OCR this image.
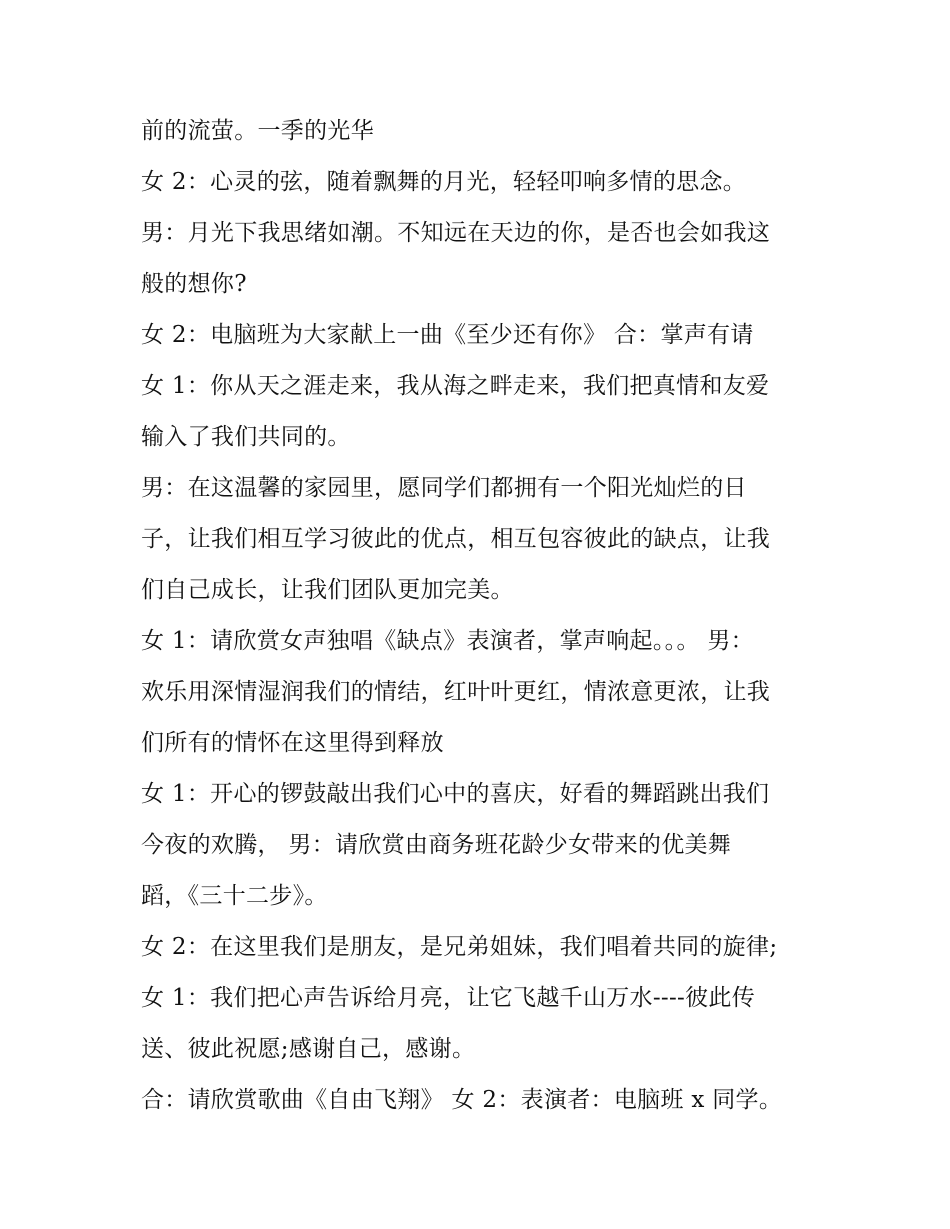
前的流萤。一季的光华
女 2：心灵的弦，随着飘舞的月光，轻轻叩响多情的思念。
男：月光下我思绪如潮。不知远在天边的你，是否也会如我这
般的想你?
女 2：电脑班为大家献上一曲《至少还有你》 合：掌声有请
女 1：你从天之涯走来，我从海之畔走来，我们把真情和友爱
输入了我们共同的。
男：在这温馨的家园里，愿同学们都拥有一个阳光灿烂的日
子，让我们相互学习彼此的优点，相互包容彼此的缺点，让我
们自己成长，让我们团队更加完美。
女 1：请欣赏女声独唱《缺点》表演者，掌声响起。。。 男：
欢乐用深情湿润我们的情结，红叶叶更红，情浓意更浓，让我
们所有的情怀在这里得到释放
女 1：开心的锣鼓敲出我们心中的喜庆，好看的舞蹈跳出我们
今夜的欢腾， 男：请欣赏由商务班花龄少女带来的优美舞
蹈，《三十二步》。
女 2：在这里我们是朋友，是兄弟姐妹，我们唱着共同的旋律;
女 1：我们把心声告诉给月亮，让它飞越千山万水----彼此传
送、彼此祝愿;感谢自己，感谢。
合：请欣赏歌曲《自由飞翔》 女 2：表演者：电脑班 x 同学。
